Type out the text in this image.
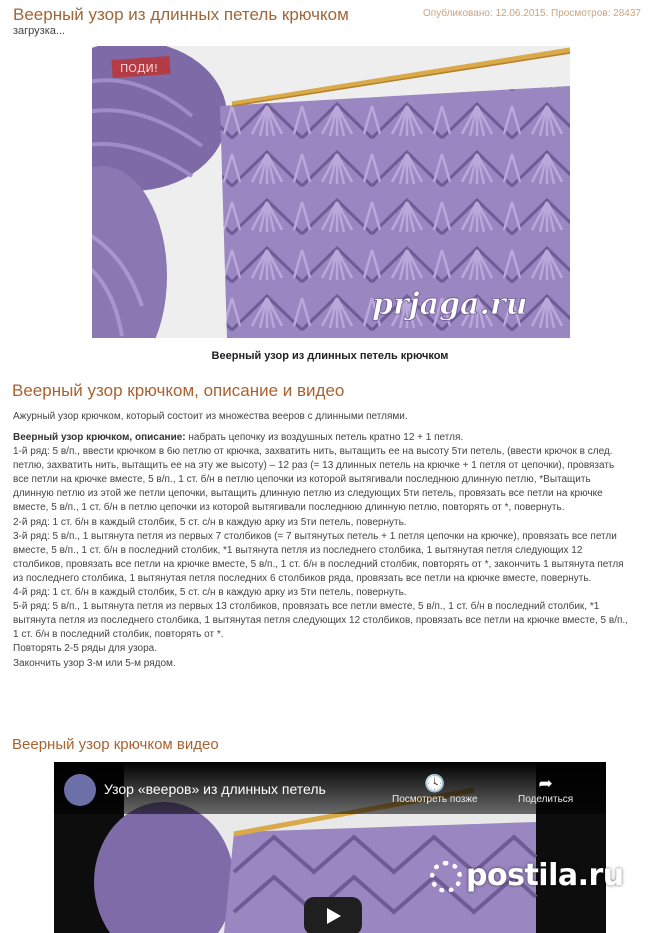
Веерный узор из длинных петель крючком	Опубликовано: 12.06.2015. Просмотров: 28437
загрузка...
ПОДИ!
prjaga.ru
Веерный узор из длинных петель крючком
Веерный узор крючком, описание и видео
Ажурный узор крючком, который состоит из множества вееров с длинными петлями.

Веерный узор крючком, описание: набрать цепочку из воздушных петель кратно 12 + 1 петля.

1-й ряд: 5 в/п., ввести крючком в 6ю петлю от крючка, захватить нить, вытащить ее на высоту 5ти петель, (ввести крючок в след. петлю, захватить нить, вытащить ее на эту же высоту) – 12 раз (= 13 длинных петель на крючке + 1 петля от цепочки), провязать все петли на крючке вместе, 5 в/п., 1 ст. б/н в петлю цепочки из которой вытягивали последнюю длинную петлю, *Вытащить длинную петлю из этой же петли цепочки, вытащить длинную петлю из следующих 5ти петель, провязать все петли на крючке вместе, 5 в/п., 1 ст. б/н в петлю цепочки из которой вытягивали последнюю длинную петлю, повторять от *, повернуть.

2-й ряд: 1 ст. б/н в каждый столбик, 5 ст. с/н в каждую арку из 5ти петель, повернуть.

3-й ряд: 5 в/п., 1 вытянута петля из первых 7 столбиков (= 7 вытянутых петель + 1 петля цепочки на крючке), провязать все петли вместе, 5 в/п., 1 ст. б/н в последний столбик, *1 вытянута петля из последнего столбика, 1 вытянутая петля следующих 12 столбиков, провязать все петли на крючке вместе, 5 в/п., 1 ст. б/н в последний столбик, повторять от *, закончить 1 вытянута петля из последнего столбика, 1 вытянутая петля последних 6 столбиков ряда, провязать все петли на крючке вместе, повернуть.

4-й ряд: 1 ст. б/н в каждый столбик, 5 ст. с/н в каждую арку из 5ти петель, повернуть.

5-й ряд: 5 в/п., 1 вытянута петля из первых 13 столбиков, провязать все петли вместе, 5 в/п., 1 ст. б/н в последний столбик, *1 вытянута петля из последнего столбика, 1 вытянутая петля следующих 12 столбиков, провязать все петли на крючке вместе, 5 в/п., 1 ст. б/н в последний столбик, повторять от *.

Повторять 2-5 ряды для узора.

Закончить узор 3-м или 5-м рядом.

Веерный узор крючком видео
Узор «вееров» из длинных петель	🕓
Посмотреть позже
➦
Поделиться
postila.ru
